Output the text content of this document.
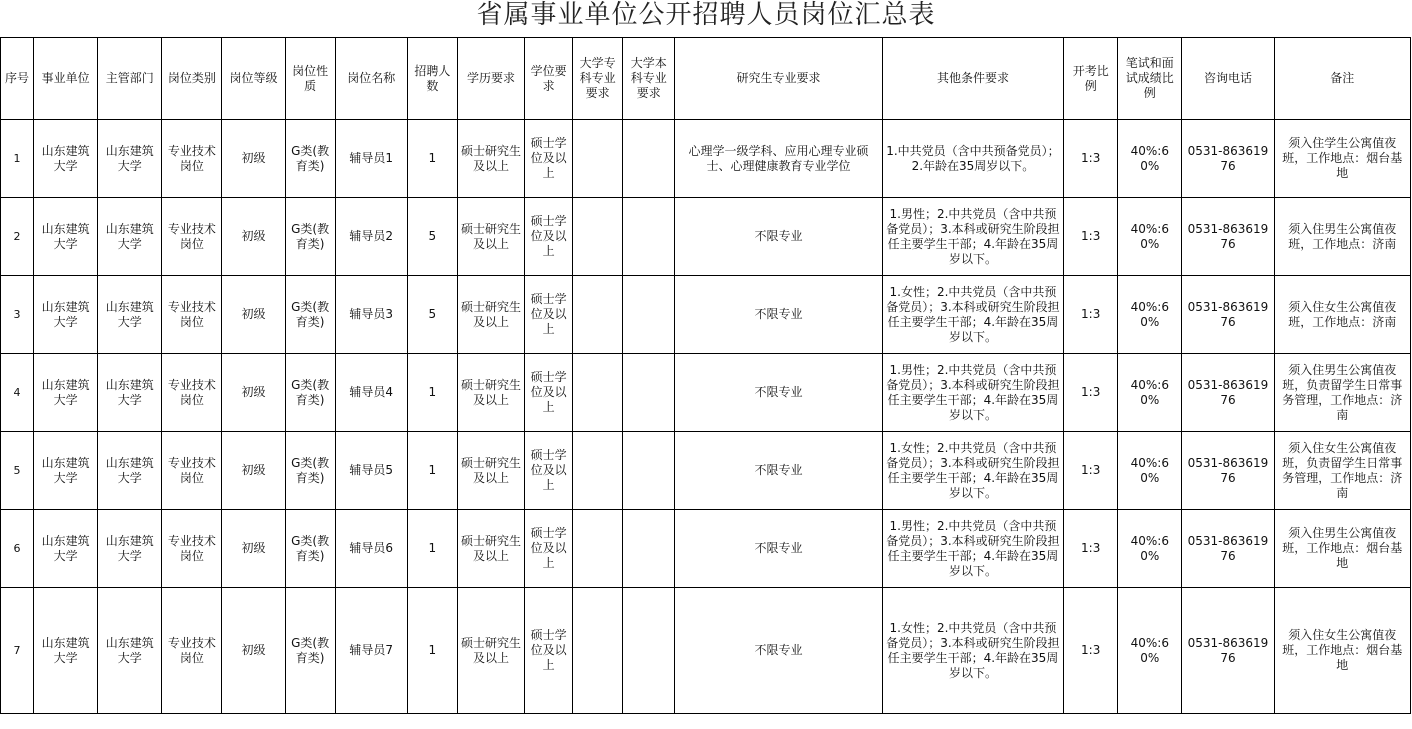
省属事业单位公开招聘人员岗位汇总表
序号	事业单位	主管部门	岗位类别	岗位等级	岗位性质	岗位名称	招聘人数	学历要求	学位要求	大学专科专业要求	大学本科专业要求	研究生专业要求	其他条件要求	开考比例	笔试和面试成绩比例	咨询电话	备注
1	山东建筑大学	山东建筑大学	专业技术岗位	初级	G类(教育类)	辅导员1	1	硕士研究生及以上	硕士学位及以上			心理学一级学科、应用心理专业硕士、心理健康教育专业学位	1.中共党员（含中共预备党员）；2.年龄在35周岁以下。	1:3	40%:60%	0531-86361976	须入住学生公寓值夜班，工作地点：烟台基地
2	山东建筑大学	山东建筑大学	专业技术岗位	初级	G类(教育类)	辅导员2	5	硕士研究生及以上	硕士学位及以上			不限专业	1.男性；2.中共党员（含中共预备党员）；3.本科或研究生阶段担任主要学生干部；4.年龄在35周岁以下。	1:3	40%:60%	0531-86361976	须入住男生公寓值夜班，工作地点：济南
3	山东建筑大学	山东建筑大学	专业技术岗位	初级	G类(教育类)	辅导员3	5	硕士研究生及以上	硕士学位及以上			不限专业	1.女性；2.中共党员（含中共预备党员）；3.本科或研究生阶段担任主要学生干部；4.年龄在35周岁以下。	1:3	40%:60%	0531-86361976	须入住女生公寓值夜班，工作地点：济南
4	山东建筑大学	山东建筑大学	专业技术岗位	初级	G类(教育类)	辅导员4	1	硕士研究生及以上	硕士学位及以上			不限专业	1.男性；2.中共党员（含中共预备党员）；3.本科或研究生阶段担任主要学生干部；4.年龄在35周岁以下。	1:3	40%:60%	0531-86361976	须入住男生公寓值夜班，负责留学生日常事务管理，工作地点：济南
5	山东建筑大学	山东建筑大学	专业技术岗位	初级	G类(教育类)	辅导员5	1	硕士研究生及以上	硕士学位及以上			不限专业	1.女性；2.中共党员（含中共预备党员）；3.本科或研究生阶段担任主要学生干部；4.年龄在35周岁以下。	1:3	40%:60%	0531-86361976	须入住女生公寓值夜班，负责留学生日常事务管理，工作地点：济南
6	山东建筑大学	山东建筑大学	专业技术岗位	初级	G类(教育类)	辅导员6	1	硕士研究生及以上	硕士学位及以上			不限专业	1.男性；2.中共党员（含中共预备党员）；3.本科或研究生阶段担任主要学生干部；4.年龄在35周岁以下。	1:3	40%:60%	0531-86361976	须入住男生公寓值夜班，工作地点：烟台基地
7	山东建筑大学	山东建筑大学	专业技术岗位	初级	G类(教育类)	辅导员7	1	硕士研究生及以上	硕士学位及以上			不限专业	1.女性；2.中共党员（含中共预备党员）；3.本科或研究生阶段担任主要学生干部；4.年龄在35周岁以下。	1:3	40%:60%	0531-86361976	须入住女生公寓值夜班，工作地点：烟台基地
